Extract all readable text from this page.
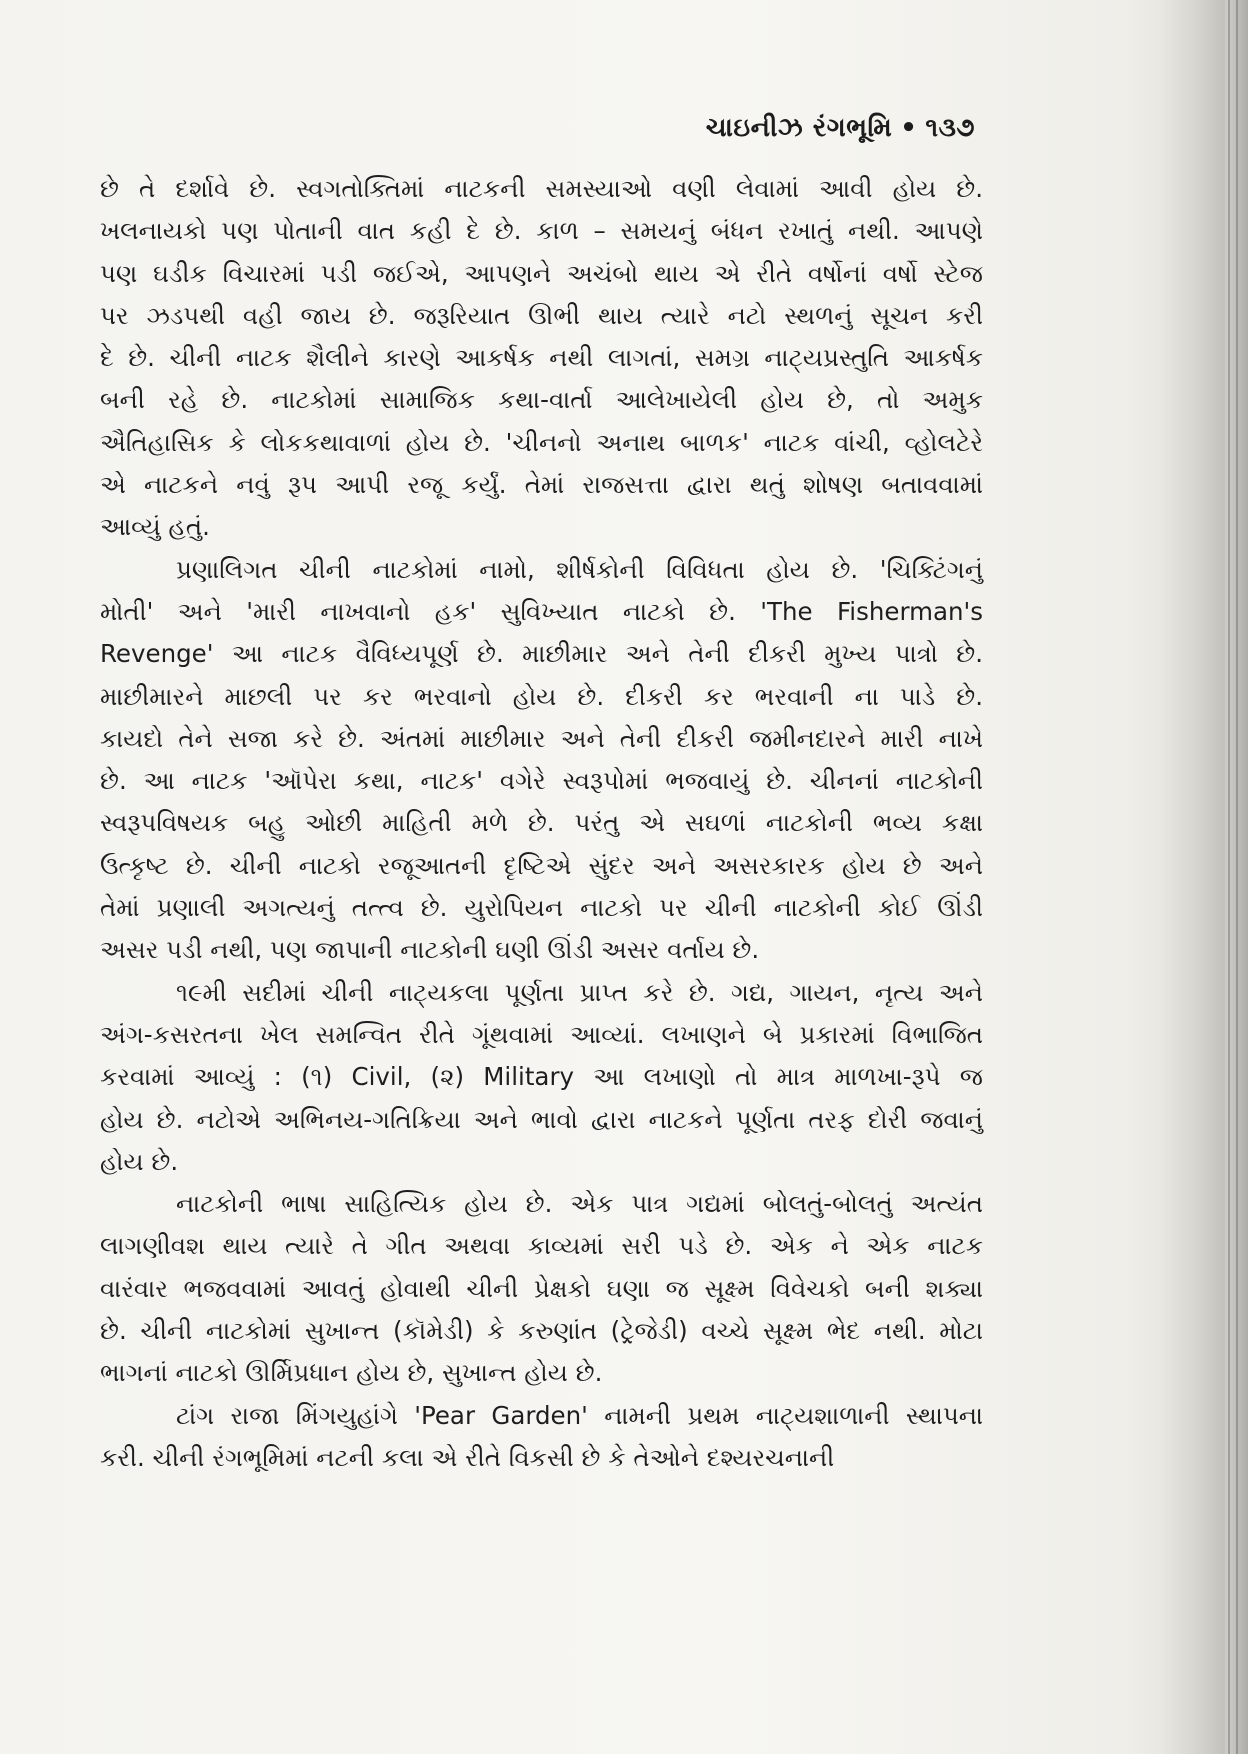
ચાઇનીઝ રંગભૂમિ • ૧૩૭

છે તે દર્શાવે છે. સ્વગતોક્તિમાં નાટકની સમસ્યાઓ વણી લેવામાં આવી હોય છે.
ખલનાયકો પણ પોતાની વાત કહી દે છે. કાળ – સમયનું બંધન રખાતું નથી. આપણે
પણ ઘડીક વિચારમાં પડી જઈએ, આપણને અચંબો થાય એ રીતે વર્ષોનાં વર્ષો સ્ટેજ
પર ઝડપથી વહી જાય છે. જરૂરિયાત ઊભી થાય ત્યારે નટો સ્થળનું સૂચન કરી
દે છે. ચીની નાટક શૈલીને કારણે આકર્ષક નથી લાગતાં, સમગ્ર નાટ્યપ્રસ્તુતિ આકર્ષક
બની રહે છે. નાટકોમાં સામાજિક કથા-વાર્તા આલેખાયેલી હોય છે, તો અમુક
ઐતિહાસિક કે લોકકથાવાળાં હોય છે. 'ચીનનો અનાથ બાળક' નાટક વાંચી, વ્હોલટેરે
એ નાટકને નવું રૂપ આપી રજૂ કર્યું. તેમાં રાજસત્તા દ્વારા થતું શોષણ બતાવવામાં
આવ્યું હતું.

પ્રણાલિગત ચીની નાટકોમાં નામો, શીર્ષકોની વિવિધતા હોય છે. 'ચિક્ટિંગનું
મોતી' અને 'મારી નાખવાનો હક' સુવિખ્યાત નાટકો છે. 'The Fisherman's
Revenge' આ નાટક વૈવિધ્યપૂર્ણ છે. માછીમાર અને તેની દીકરી મુખ્ય પાત્રો છે.
માછીમારને માછલી પર કર ભરવાનો હોય છે. દીકરી કર ભરવાની ના પાડે છે.
કાયદો તેને સજા કરે છે. અંતમાં માછીમાર અને તેની દીકરી જમીનદારને મારી નાખે
છે. આ નાટક 'ઑપેરા કથા, નાટક' વગેરે સ્વરૂપોમાં ભજવાયું છે. ચીનનાં નાટકોની
સ્વરૂપવિષયક બહુ ઓછી માહિતી મળે છે. પરંતુ એ સઘળાં નાટકોની ભવ્ય કક્ષા
ઉત્કૃષ્ટ છે. ચીની નાટકો રજૂઆતની દૃષ્ટિએ સુંદર અને અસરકારક હોય છે અને
તેમાં પ્રણાલી અગત્યનું તત્ત્વ છે. યુરોપિયન નાટકો પર ચીની નાટકોની કોઈ ઊંડી
અસર પડી નથી, પણ જાપાની નાટકોની ઘણી ઊંડી અસર વર્તાય છે.

૧૯મી સદીમાં ચીની નાટ્યકલા પૂર્ણતા પ્રાપ્ત કરે છે. ગદ્ય, ગાયન, નૃત્ય અને
અંગ-કસરતના ખેલ સમન્વિત રીતે ગૂંથવામાં આવ્યાં. લખાણને બે પ્રકારમાં વિભાજિત
કરવામાં આવ્યું : (૧) Civil, (૨) Military આ લખાણો તો માત્ર માળખા-રૂપે જ
હોય છે. નટોએ અભિનય-ગતિક્રિયા અને ભાવો દ્વારા નાટકને પૂર્ણતા તરફ દોરી જવાનું
હોય છે.

નાટકોની ભાષા સાહિત્યિક હોય છે. એક પાત્ર ગદ્યમાં બોલતું-બોલતું અત્યંત
લાગણીવશ થાય ત્યારે તે ગીત અથવા કાવ્યમાં સરી પડે છે. એક ને એક નાટક
વારંવાર ભજવવામાં આવતું હોવાથી ચીની પ્રેક્ષકો ઘણા જ સૂક્ષ્મ વિવેચકો બની શક્યા
છે. ચીની નાટકોમાં સુખાન્ત (કૉમેડી) કે કરુણાંત (ટ્રેજેડી) વચ્ચે સૂક્ષ્મ ભેદ નથી. મોટા
ભાગનાં નાટકો ઊર્મિપ્રધાન હોય છે, સુખાન્ત હોય છે.

ટાંગ રાજા મિંગયુહાંગે 'Pear Garden' નામની પ્રથમ નાટ્યશાળાની સ્થાપના
કરી. ચીની રંગભૂમિમાં નટની કલા એ રીતે વિકસી છે કે તેઓને દશ્યરચનાની
